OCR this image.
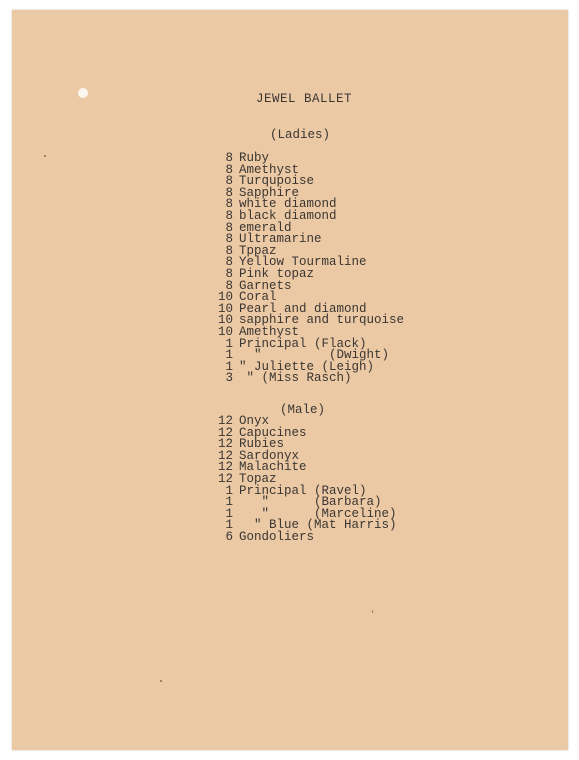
JEWEL BALLET
(Ladies)
8 Ruby
8 Amethyst
8 Turqupoise
8 Sapphire
8 white diamond
8 black diamond
8 emerald
8 Ultramarine
8 Tppaz
8 Yellow Tourmaline
8 Pink topaz
8 Garnets
10 Coral
10 Pearl and diamond
10 sapphire and turquoise
10 Amethyst
1 Principal (Flack)
1 "         (Dwight)
1 " Juliette (Leigh)
3 " (Miss Rasch)
(Male)
12 Onyx
12 Capucines
12 Rubies
12 Sardonyx
12 Malachite
12 Topaz
1 Principal (Ravel)
1 "      (Barbara)
1 "      (Marceline)
1 " Blue (Mat Harris)
6 Gondoliers
